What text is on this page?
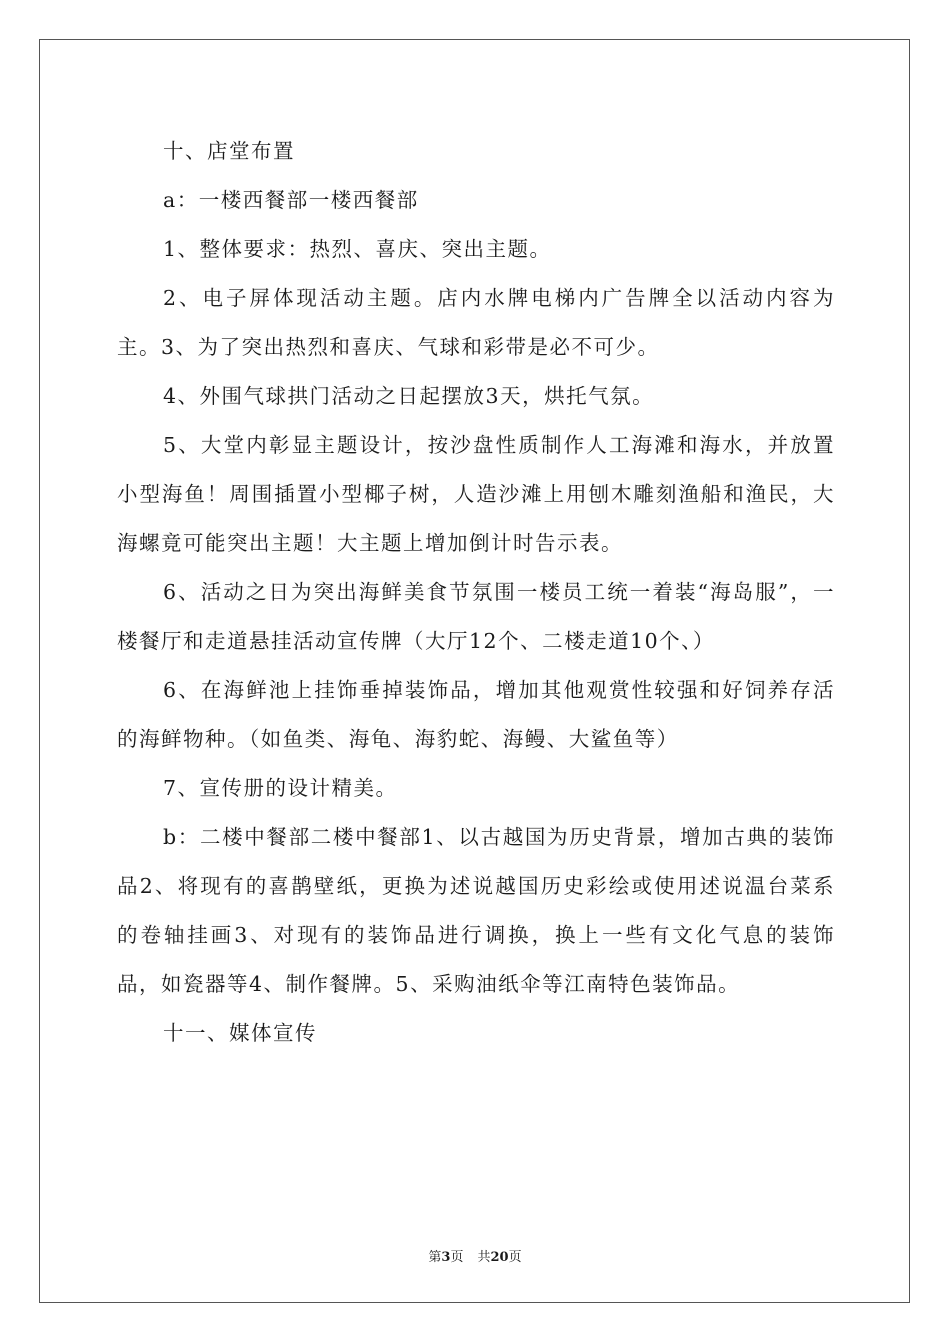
十、店堂布置

a：一楼西餐部一楼西餐部

1、整体要求：热烈、喜庆、突出主题。

2、电子屏体现活动主题。店内水牌电梯内广告牌全以活动内容为主。3、为了突出热烈和喜庆、气球和彩带是必不可少。

4、外围气球拱门活动之日起摆放3天，烘托气氛。

5、大堂内彰显主题设计，按沙盘性质制作人工海滩和海水，并放置小型海鱼！周围插置小型椰子树，人造沙滩上用刨木雕刻渔船和渔民，大海螺竟可能突出主题！大主题上增加倒计时告示表。

6、活动之日为突出海鲜美食节氛围一楼员工统一着装“海岛服”，一楼餐厅和走道悬挂活动宣传牌（大厅12个、二楼走道10个、）

6、在海鲜池上挂饰垂掉装饰品，增加其他观赏性较强和好饲养存活的海鲜物种。（如鱼类、海龟、海豹蛇、海鳗、大鲨鱼等）

7、宣传册的设计精美。

b：二楼中餐部二楼中餐部1、以古越国为历史背景，增加古典的装饰品2、将现有的喜鹊壁纸，更换为述说越国历史彩绘或使用述说温台菜系的卷轴挂画3、对现有的装饰品进行调换，换上一些有文化气息的装饰品，如瓷器等4、制作餐牌。5、采购油纸伞等江南特色装饰品。

十一、媒体宣传

第3页 共20页
